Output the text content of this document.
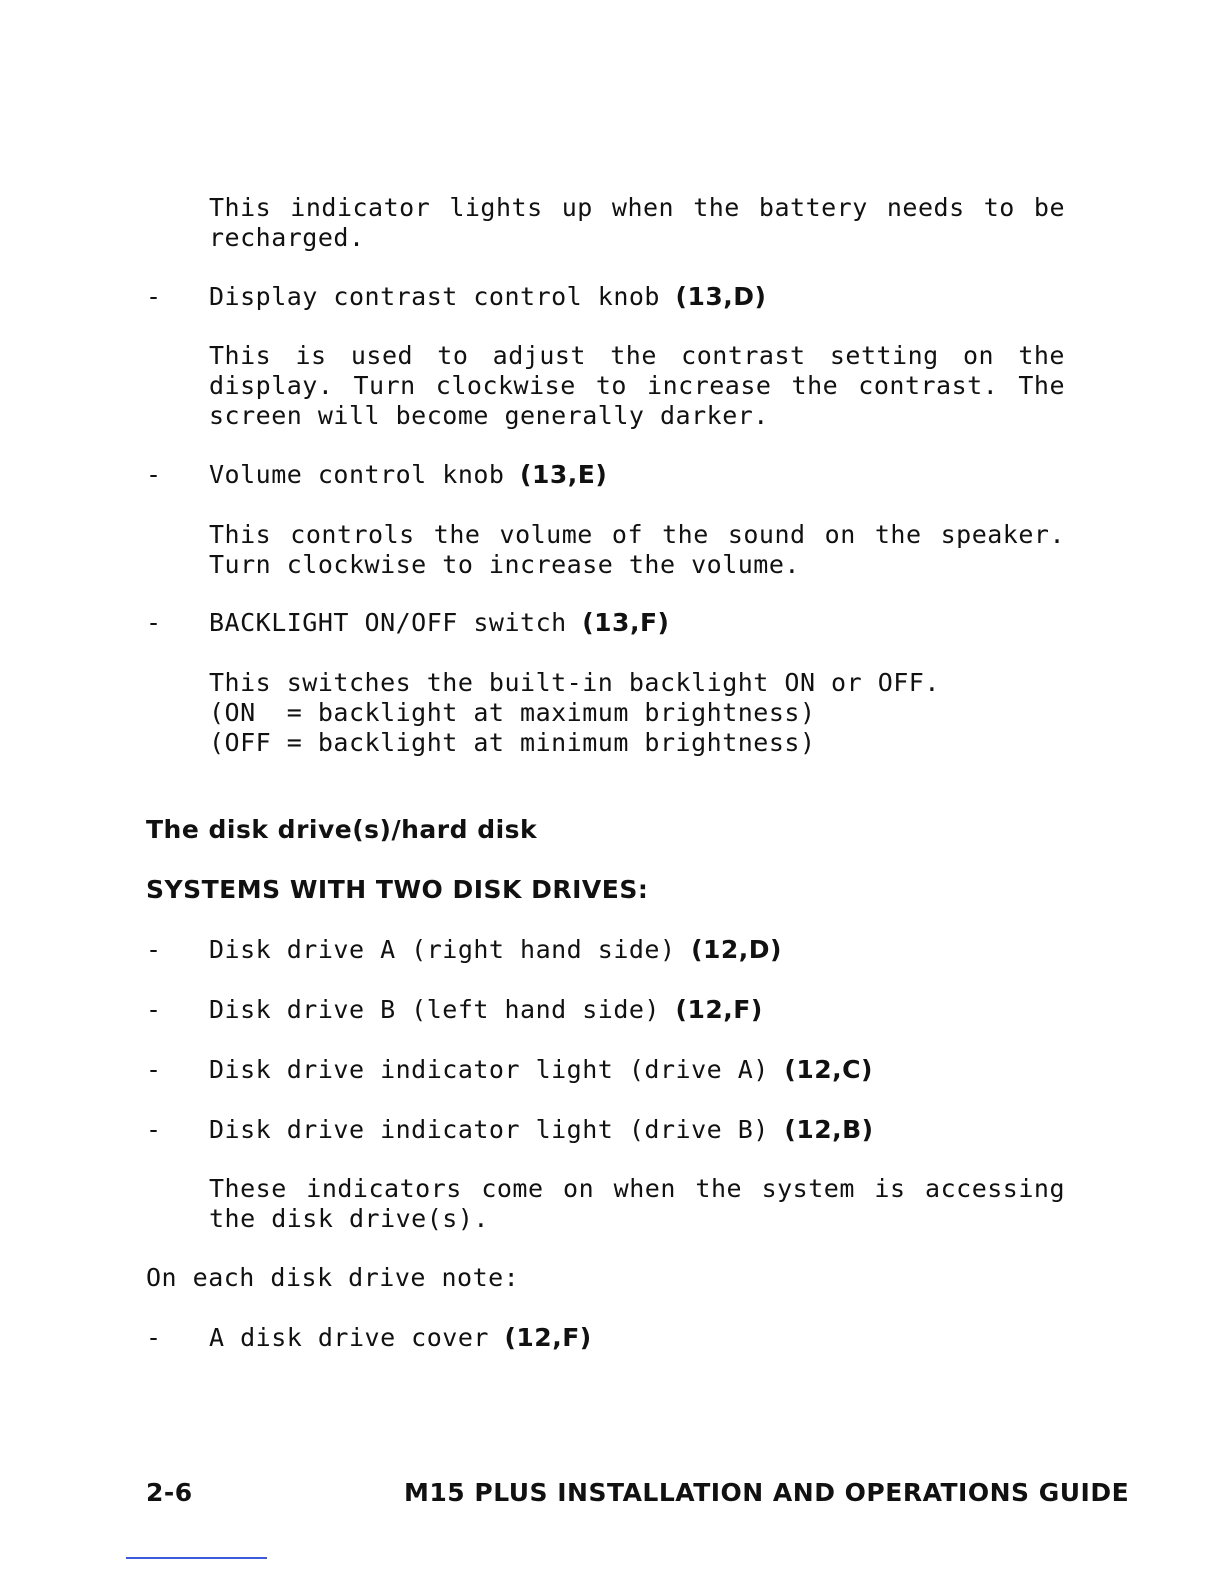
This indicator lights up when the battery needs to be
recharged.
- Display contrast control knob (13,D)
This is used to adjust the contrast setting on the
display. Turn clockwise to increase the contrast. The
screen will become generally darker.
- Volume control knob (13,E)
This controls the volume of the sound on the speaker.
Turn clockwise to increase the volume.
- BACKLIGHT ON/OFF switch (13,F)
This switches the built-in backlight ON or OFF.
(ON  = backlight at maximum brightness)
(OFF = backlight at minimum brightness)
The disk drive(s)/hard disk
SYSTEMS WITH TWO DISK DRIVES:
- Disk drive A (right hand side) (12,D)
- Disk drive B (left hand side) (12,F)
- Disk drive indicator light (drive A) (12,C)
- Disk drive indicator light (drive B) (12,B)
These indicators come on when the system is accessing
the disk drive(s).
On each disk drive note:
- A disk drive cover (12,F)
2-6	M15 PLUS INSTALLATION AND OPERATIONS GUIDE
